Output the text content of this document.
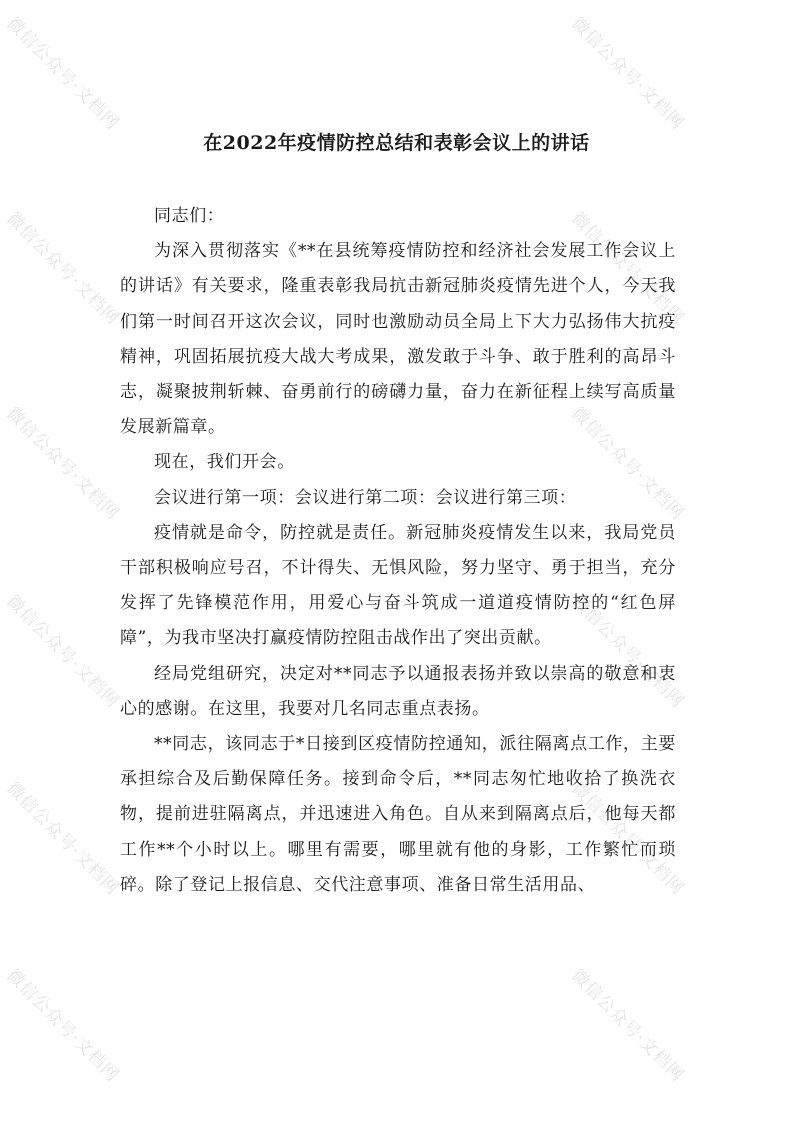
微信公众号·文档网	微信公众号·文档网
微信公众号·文档网	微信公众号·文档网
微信公众号·文档网	微信公众号·文档网
微信公众号·文档网	微信公众号·文档网
微信公众号·文档网	微信公众号·文档网
微信公众号·文档网	微信公众号·文档网
在2022年疫情防控总结和表彰会议上的讲话

同志们：

为深入贯彻落实《**在县统筹疫情防控和经济社会发展工作会议上的讲话》有关要求，隆重表彰我局抗击新冠肺炎疫情先进个人，今天我们第一时间召开这次会议，同时也激励动员全局上下大力弘扬伟大抗疫精神，巩固拓展抗疫大战大考成果，激发敢于斗争、敢于胜利的高昂斗志，凝聚披荆斩棘、奋勇前行的磅礴力量，奋力在新征程上续写高质量发展新篇章。

现在，我们开会。

会议进行第一项：会议进行第二项：会议进行第三项：

疫情就是命令，防控就是责任。新冠肺炎疫情发生以来，我局党员干部积极响应号召，不计得失、无惧风险，努力坚守、勇于担当，充分发挥了先锋模范作用，用爱心与奋斗筑成一道道疫情防控的“红色屏障”，为我市坚决打赢疫情防控阻击战作出了突出贡献。

经局党组研究，决定对**同志予以通报表扬并致以崇高的敬意和衷心的感谢。在这里，我要对几名同志重点表扬。

**同志，该同志于*日接到区疫情防控通知，派往隔离点工作，主要承担综合及后勤保障任务。接到命令后，**同志匆忙地收拾了换洗衣物，提前进驻隔离点，并迅速进入角色。自从来到隔离点后，他每天都工作**个小时以上。哪里有需要，哪里就有他的身影，工作繁忙而琐碎。除了登记上报信息、交代注意事项、准备日常生活用品、
